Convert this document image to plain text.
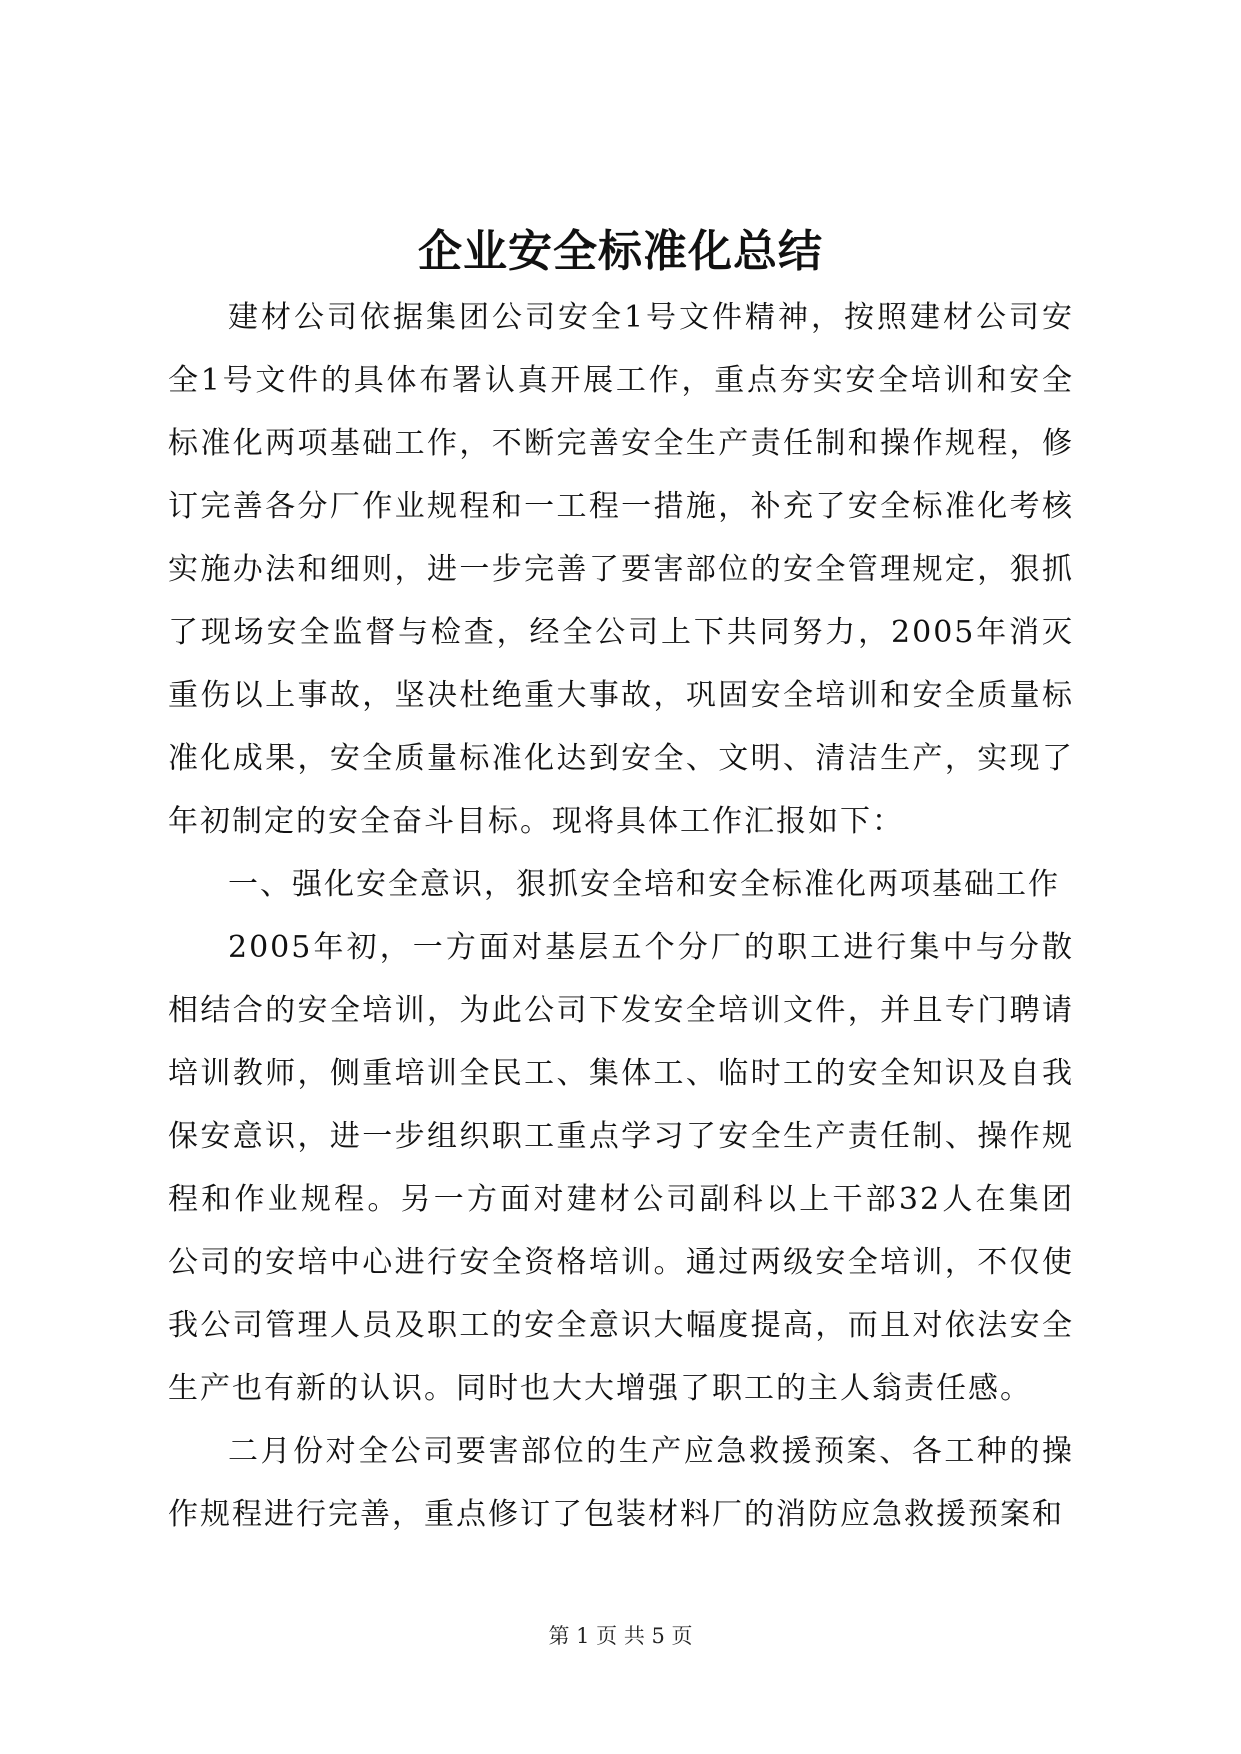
企业安全标准化总结

建材公司依据集团公司安全1号文件精神，按照建材公司安全1号文件的具体布署认真开展工作，重点夯实安全培训和安全标准化两项基础工作，不断完善安全生产责任制和操作规程，修订完善各分厂作业规程和一工程一措施，补充了安全标准化考核实施办法和细则，进一步完善了要害部位的安全管理规定，狠抓了现场安全监督与检查，经全公司上下共同努力，2005年消灭重伤以上事故，坚决杜绝重大事故，巩固安全培训和安全质量标准化成果，安全质量标准化达到安全、文明、清洁生产，实现了年初制定的安全奋斗目标。现将具体工作汇报如下：

一、强化安全意识，狠抓安全培和安全标准化两项基础工作

2005年初，一方面对基层五个分厂的职工进行集中与分散相结合的安全培训，为此公司下发安全培训文件，并且专门聘请培训教师，侧重培训全民工、集体工、临时工的安全知识及自我保安意识，进一步组织职工重点学习了安全生产责任制、操作规程和作业规程。另一方面对建材公司副科以上干部32人在集团公司的安培中心进行安全资格培训。通过两级安全培训，不仅使我公司管理人员及职工的安全意识大幅度提高，而且对依法安全生产也有新的认识。同时也大大增强了职工的主人翁责任感。

二月份对全公司要害部位的生产应急救援预案、各工种的操作规程进行完善，重点修订了包装材料厂的消防应急救援预案和

第 1 页 共 5 页
